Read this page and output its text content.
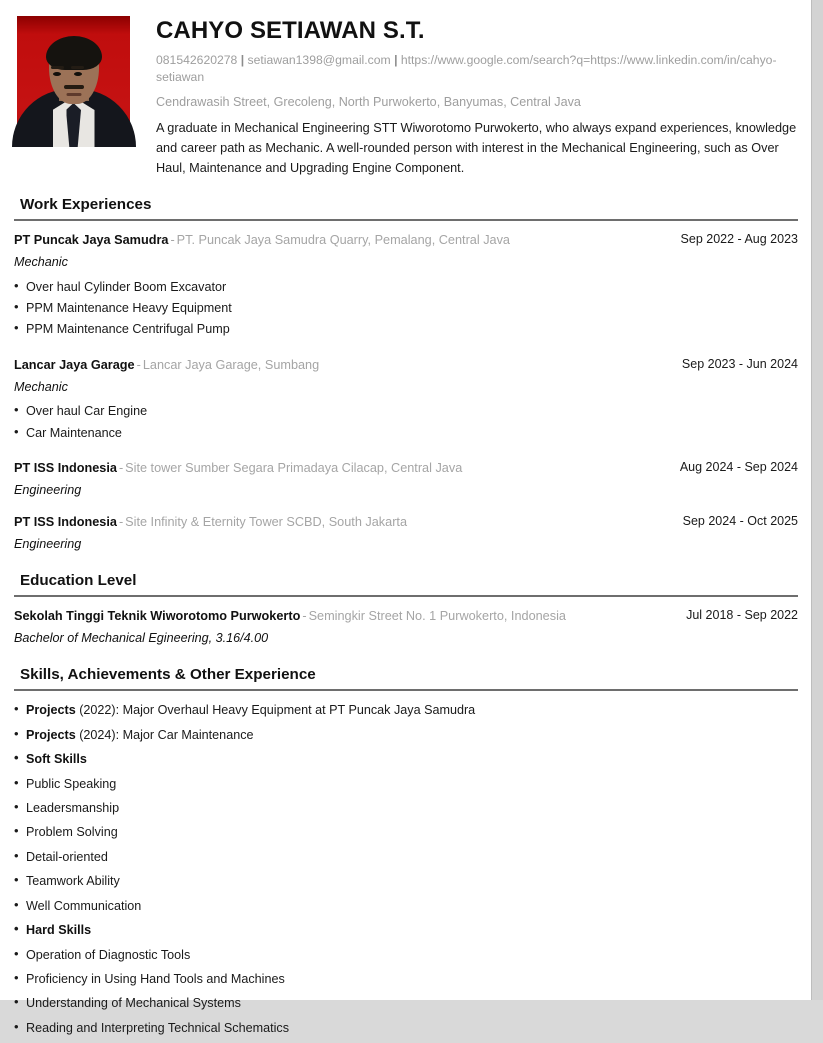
CAHYO SETIAWAN S.T.
081542620278 | setiawan1398@gmail.com | https://www.google.com/search?q=https://www.linkedin.com/in/cahyo-setiawan
Cendrawasih Street, Grecoleng, North Purwokerto, Banyumas, Central Java
A graduate in Mechanical Engineering STT Wiworotomo Purwokerto, who always expand experiences, knowledge and career path as Mechanic. A well-rounded person with interest in the Mechanical Engineering, such as Over Haul, Maintenance and Upgrading Engine Component.
Work Experiences
PT Puncak Jaya Samudra - PT. Puncak Jaya Samudra Quarry, Pemalang, Central Java	Sep 2022 - Aug 2023
Mechanic
• Over haul Cylinder Boom Excavator
• PPM Maintenance Heavy Equipment
• PPM Maintenance Centrifugal Pump
Lancar Jaya Garage - Lancar Jaya Garage, Sumbang	Sep 2023 - Jun 2024
Mechanic
• Over haul Car Engine
• Car Maintenance
PT ISS Indonesia - Site tower Sumber Segara Primadaya Cilacap, Central Java	Aug 2024 - Sep 2024
Engineering
PT ISS Indonesia - Site Infinity & Eternity Tower SCBD, South Jakarta	Sep 2024 - Oct 2025
Engineering
Education Level
Sekolah Tinggi Teknik Wiworotomo Purwokerto - Semingkir Street No. 1 Purwokerto, Indonesia	Jul 2018 - Sep 2022
Bachelor of Mechanical Egineering, 3.16/4.00
Skills, Achievements & Other Experience
• Projects (2022): Major Overhaul Heavy Equipment at PT Puncak Jaya Samudra
• Projects (2024): Major Car Maintenance
• Soft Skills
• Public Speaking
• Leadersmanship
• Problem Solving
• Detail-oriented
• Teamwork Ability
• Well Communication
• Hard Skills
• Operation of Diagnostic Tools
• Proficiency in Using Hand Tools and Machines
• Understanding of Mechanical Systems
• Reading and Interpreting Technical Schematics
